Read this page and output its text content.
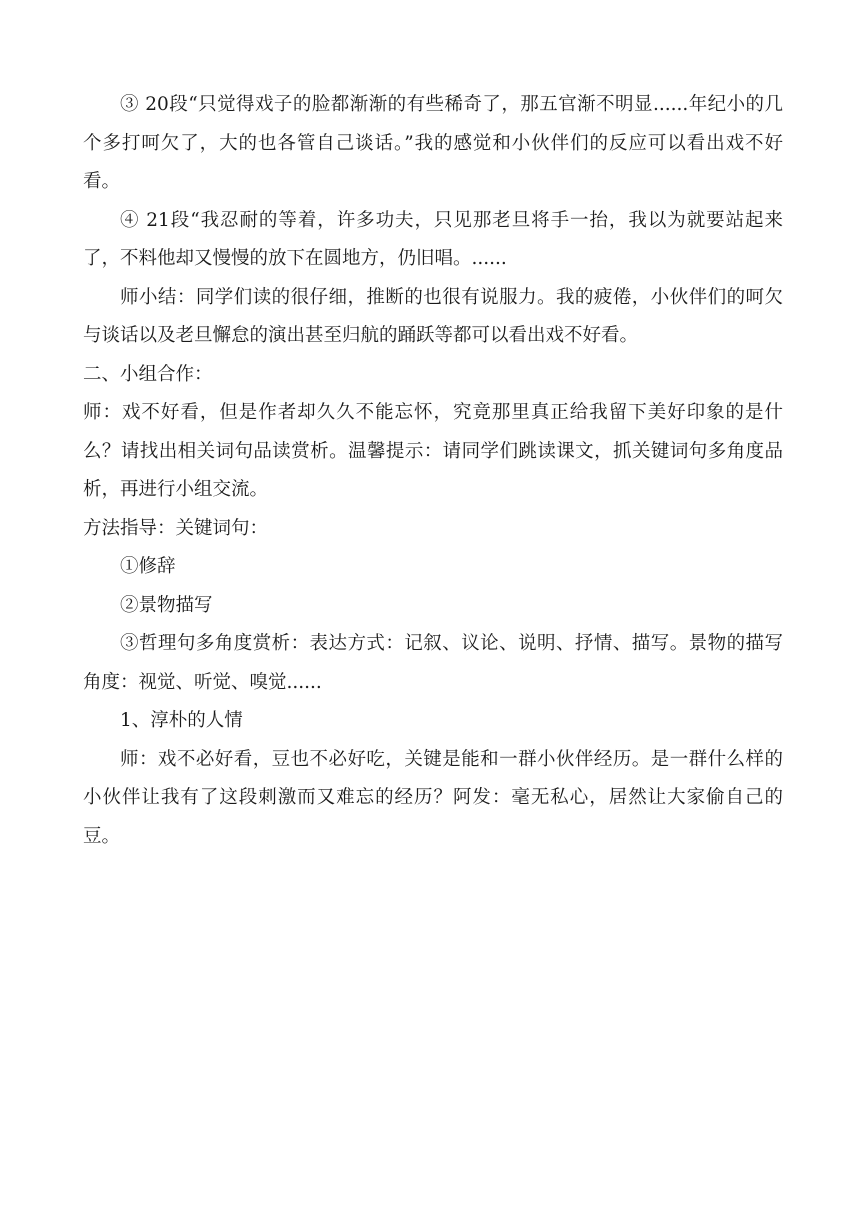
③ 20段“只觉得戏子的脸都渐渐的有些稀奇了，那五官渐不明显......年纪小的几个多打呵欠了，大的也各管自己谈话。”我的感觉和小伙伴们的反应可以看出戏不好看。

④ 21段“我忍耐的等着，许多功夫，只见那老旦将手一抬，我以为就要站起来了，不料他却又慢慢的放下在圆地方，仍旧唱。......

师小结：同学们读的很仔细，推断的也很有说服力。我的疲倦，小伙伴们的呵欠与谈话以及老旦懈怠的演出甚至归航的踊跃等都可以看出戏不好看。

二、小组合作：

师：戏不好看，但是作者却久久不能忘怀，究竟那里真正给我留下美好印象的是什么？请找出相关词句品读赏析。温馨提示：请同学们跳读课文，抓关键词句多角度品析，再进行小组交流。

方法指导：关键词句：

①修辞

②景物描写

③哲理句多角度赏析：表达方式：记叙、议论、说明、抒情、描写。景物的描写角度：视觉、听觉、嗅觉......

1、淳朴的人情

师：戏不必好看，豆也不必好吃，关键是能和一群小伙伴经历。是一群什么样的小伙伴让我有了这段刺激而又难忘的经历？阿发：毫无私心，居然让大家偷自己的豆。
